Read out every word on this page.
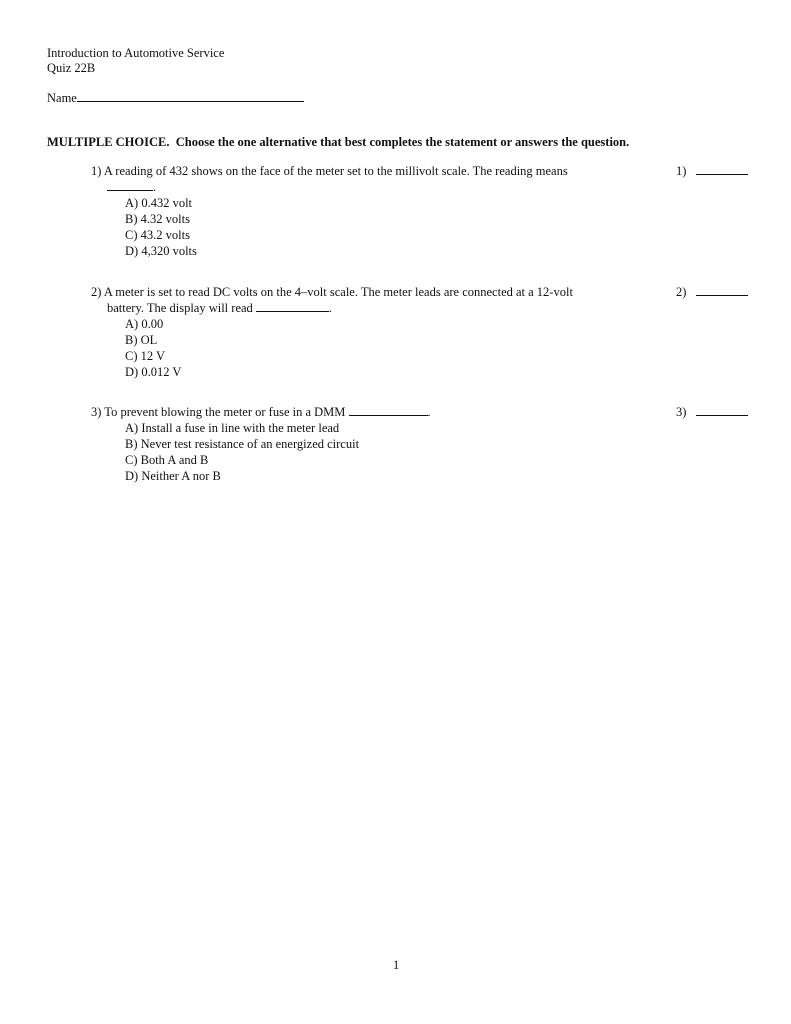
Introduction to Automotive Service
Quiz 22B
Name
MULTIPLE CHOICE. Choose the one alternative that best completes the statement or answers the question.
1) A reading of 432 shows on the face of the meter set to the millivolt scale. The reading means	1)
.
A) 0.432 volt
B) 4.32 volts
C) 43.2 volts
D) 4,320 volts
2) A meter is set to read DC volts on the 4–volt scale. The meter leads are connected at a 12-volt	2)
battery. The display will read	.
A) 0.00
B) OL
C) 12 V
D) 0.012 V
3) To prevent blowing the meter or fuse in a DMM	.	3)
A) Install a fuse in line with the meter lead
B) Never test resistance of an energized circuit
C) Both A and B
D) Neither A nor B
1
